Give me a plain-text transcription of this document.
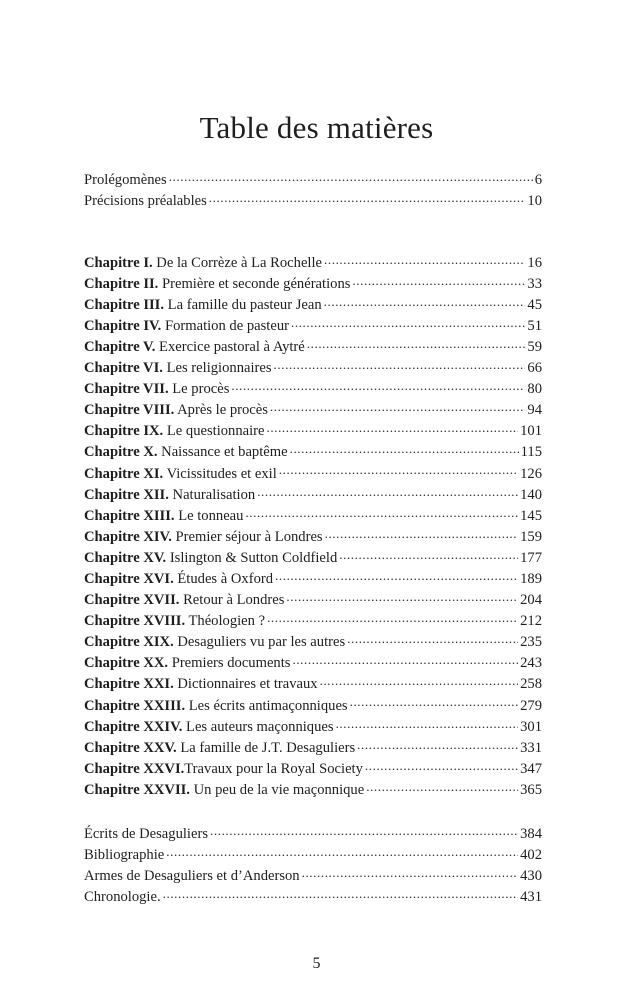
Table des matières
Prolégomènes .....	6
Précisions préalables .....	10
Chapitre I. De la Corrèze à La Rochelle .....	16
Chapitre II. Première et seconde générations .....	33
Chapitre III. La famille du pasteur Jean .....	45
Chapitre IV. Formation de pasteur .....	51
Chapitre V. Exercice pastoral à Aytré .....	59
Chapitre VI. Les religionnaires .....	66
Chapitre VII. Le procès .....	80
Chapitre VIII. Après le procès .....	94
Chapitre IX. Le questionnaire .....	101
Chapitre X. Naissance et baptême .....	115
Chapitre XI. Vicissitudes et exil .....	126
Chapitre XII. Naturalisation .....	140
Chapitre XIII. Le tonneau .....	145
Chapitre XIV. Premier séjour à Londres .....	159
Chapitre XV. Islington & Sutton Coldfield .....	177
Chapitre XVI. Études à Oxford .....	189
Chapitre XVII. Retour à Londres .....	204
Chapitre XVIII. Théologien ? .....	212
Chapitre XIX. Desaguliers vu par les autres .....	235
Chapitre XX. Premiers documents .....	243
Chapitre XXI. Dictionnaires et travaux .....	258
Chapitre XXIII. Les écrits antimaçonniques .....	279
Chapitre XXIV. Les auteurs maçonniques .....	301
Chapitre XXV. La famille de J.T. Desaguliers .....	331
Chapitre XXVI.Travaux pour la Royal Society .....	347
Chapitre XXVII. Un peu de la vie maçonnique .....	365
Écrits de Desaguliers .....	384
Bibliographie .....	402
Armes de Desaguliers et d’Anderson .....	430
Chronologie. .....	431
5
